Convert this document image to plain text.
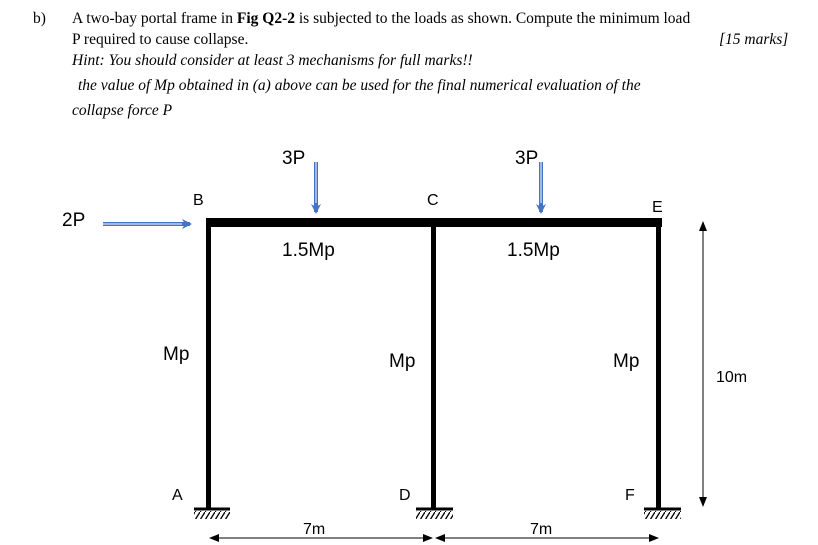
b) A two-bay portal frame in Fig Q2-2 is subjected to the loads as shown. Compute the minimum load
P required to cause collapse.	[15 marks]
Hint: You should consider at least 3 mechanisms for full marks!!
the value of Mp obtained in (a) above can be used for the final numerical evaluation of the
collapse force P
2P
3P	3P
B	C	E
A	D	F
1.5Mp	1.5Mp
Mp	Mp	Mp
7m	7m
10m
